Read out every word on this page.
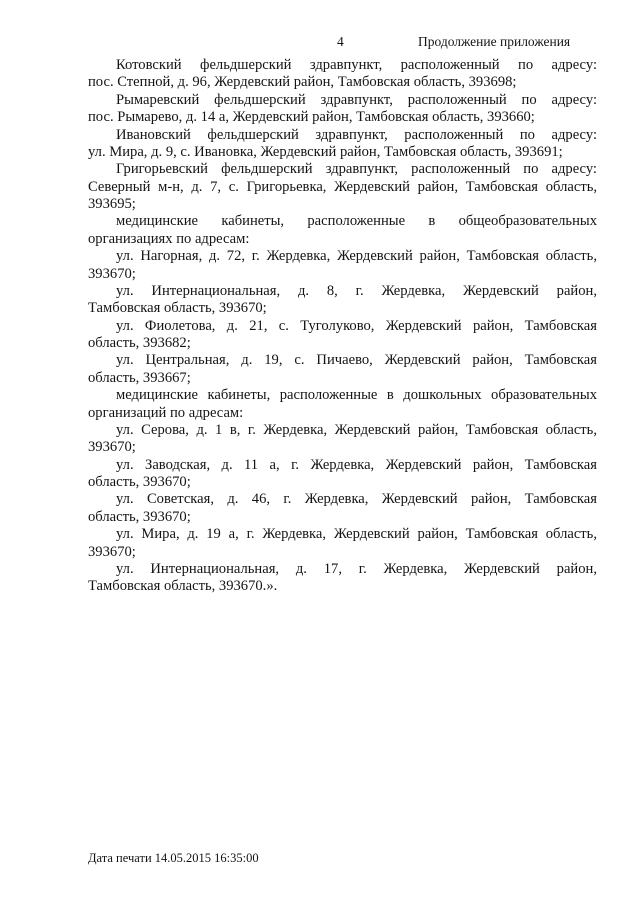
4	Продолжение приложения
Котовский фельдшерский здравпункт, расположенный по адресу:
пос. Степной, д. 96, Жердевский район, Тамбовская область, 393698;
Рымаревский фельдшерский здравпункт, расположенный по адресу:
пос. Рымарево, д. 14 а, Жердевский район, Тамбовская область, 393660;
Ивановский фельдшерский здравпункт, расположенный по адресу:
ул. Мира, д. 9, с. Ивановка, Жердевский район, Тамбовская область, 393691;
Григорьевский фельдшерский здравпункт, расположенный по адресу:
Северный м-н, д. 7, с. Григорьевка, Жердевский район, Тамбовская область,
393695;
медицинские кабинеты, расположенные в общеобразовательных
организациях по адресам:
ул. Нагорная, д. 72, г. Жердевка, Жердевский район, Тамбовская область,
393670;
ул. Интернациональная, д. 8, г. Жердевка, Жердевский район,
Тамбовская область, 393670;
ул. Фиолетова, д. 21, с. Туголуково, Жердевский район, Тамбовская
область, 393682;
ул. Центральная, д. 19, с. Пичаево, Жердевский район, Тамбовская
область, 393667;
медицинские кабинеты, расположенные в дошкольных образовательных
организаций по адресам:
ул. Серова, д. 1 в, г. Жердевка, Жердевский район, Тамбовская область,
393670;
ул. Заводская, д. 11 а, г. Жердевка, Жердевский район, Тамбовская
область, 393670;
ул. Советская, д. 46, г. Жердевка, Жердевский район, Тамбовская
область, 393670;
ул. Мира, д. 19 а, г. Жердевка, Жердевский район, Тамбовская область,
393670;
ул. Интернациональная, д. 17, г. Жердевка, Жердевский район,
Тамбовская область, 393670.».
Дата печати 14.05.2015 16:35:00
